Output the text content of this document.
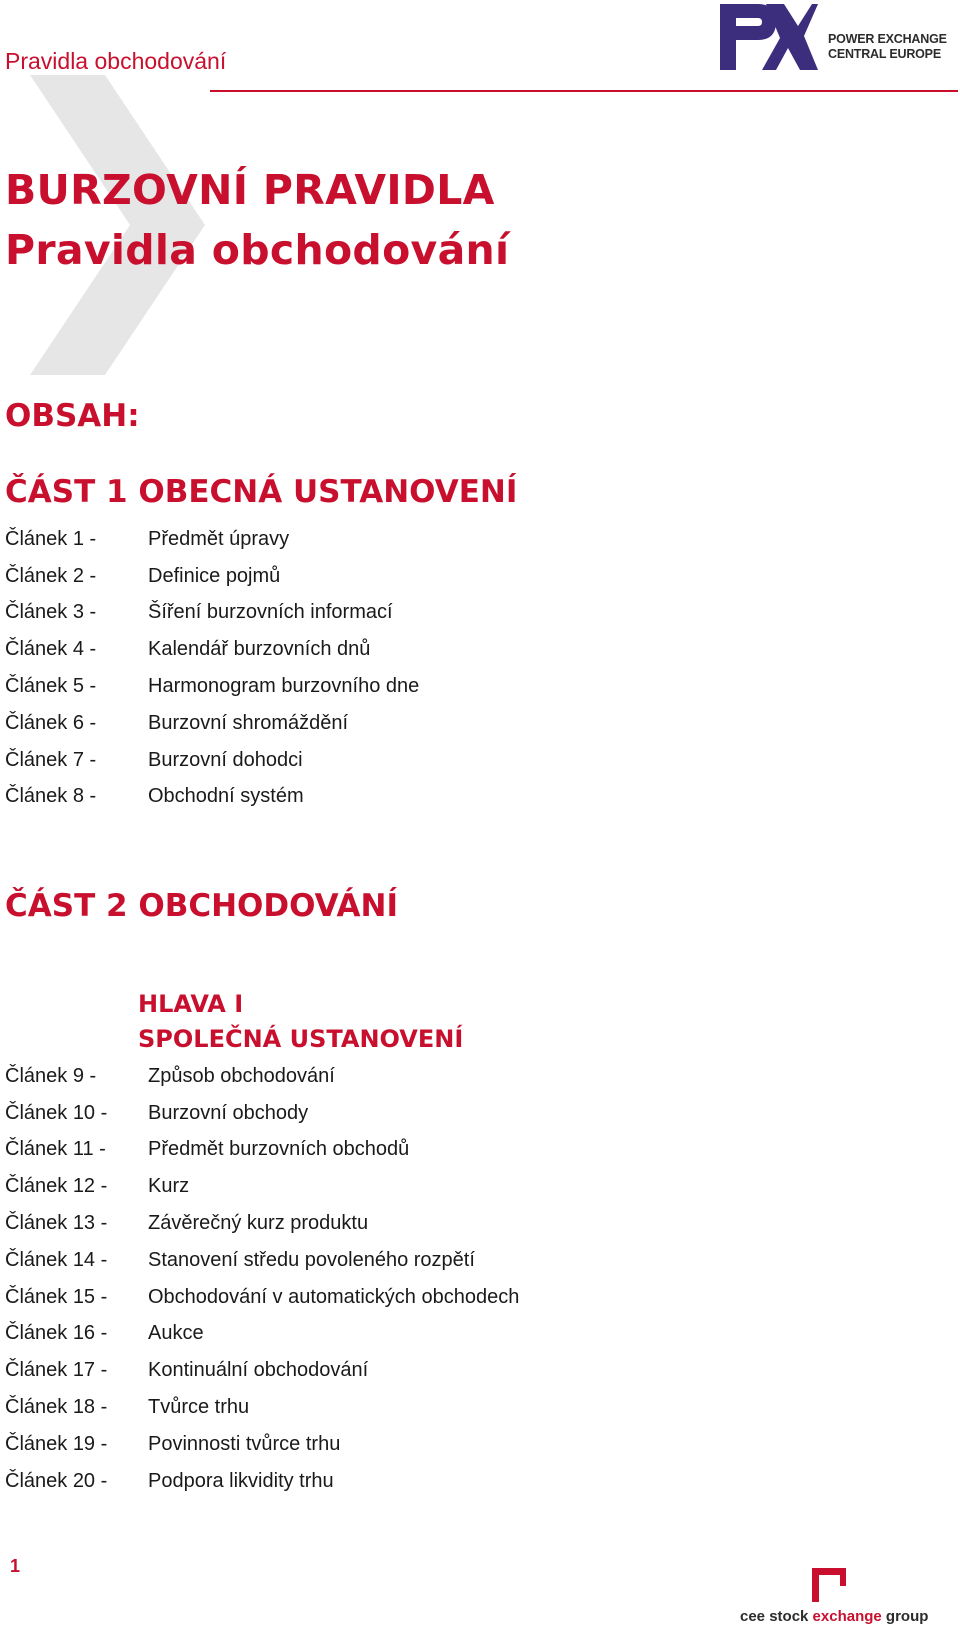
Pravidla obchodování
POWER EXCHANGE
CENTRAL EUROPE
BURZOVNÍ PRAVIDLA
Pravidla obchodování
OBSAH:
ČÁST 1 OBECNÁ USTANOVENÍ
Článek 1 -	Předmět úpravy
Článek 2 -	Definice pojmů
Článek 3 -	Šíření burzovních informací
Článek 4 -	Kalendář burzovních dnů
Článek 5 -	Harmonogram burzovního dne
Článek 6 -	Burzovní shromáždění
Článek 7 -	Burzovní dohodci
Článek 8 -	Obchodní systém
ČÁST 2 OBCHODOVÁNÍ
HLAVA I
SPOLEČNÁ USTANOVENÍ
Článek 9 -	Způsob obchodování
Článek 10 -	Burzovní obchody
Článek 11 -	Předmět burzovních obchodů
Článek 12 -	Kurz
Článek 13 -	Závěrečný kurz produktu
Článek 14 -	Stanovení středu povoleného rozpětí
Článek 15 -	Obchodování v automatických obchodech
Článek 16 -	Aukce
Článek 17 -	Kontinuální obchodování
Článek 18 -	Tvůrce trhu
Článek 19 -	Povinnosti tvůrce trhu
Článek 20 -	Podpora likvidity trhu
1
cee stock exchange group
